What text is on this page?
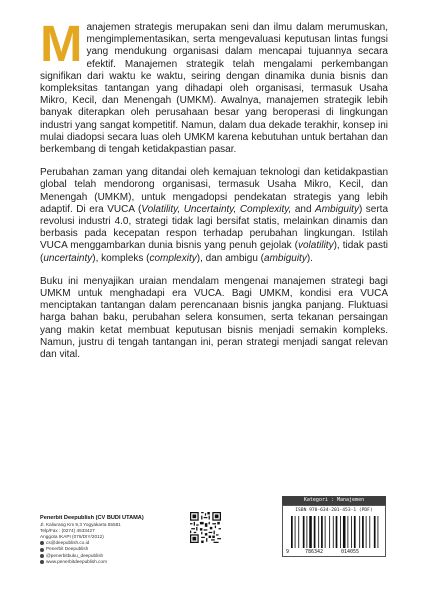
Manajemen strategis merupakan seni dan ilmu dalam merumuskan, mengimplementasikan, serta mengevaluasi keputusan lintas fungsi yang mendukung organisasi dalam mencapai tujuannya secara efektif. Manajemen strategik telah mengalami perkembangan signifikan dari waktu ke waktu, seiring dengan dinamika dunia bisnis dan kompleksitas tantangan yang dihadapi oleh organisasi, termasuk Usaha Mikro, Kecil, dan Menengah (UMKM). Awalnya, manajemen strategik lebih banyak diterapkan oleh perusahaan besar yang beroperasi di lingkungan industri yang sangat kompetitif. Namun, dalam dua dekade terakhir, konsep ini mulai diadopsi secara luas oleh UMKM karena kebutuhan untuk bertahan dan berkembang di tengah ketidakpastian pasar.

Perubahan zaman yang ditandai oleh kemajuan teknologi dan ketidakpastian global telah mendorong organisasi, termasuk Usaha Mikro, Kecil, dan Menengah (UMKM), untuk mengadopsi pendekatan strategis yang lebih adaptif. Di era VUCA (Volatility, Uncertainty, Complexity, and Ambiguity) serta revolusi industri 4.0, strategi tidak lagi bersifat statis, melainkan dinamis dan berbasis pada kecepatan respon terhadap perubahan lingkungan. Istilah VUCA menggambarkan dunia bisnis yang penuh gejolak (volatility), tidak pasti (uncertainty), kompleks (complexity), dan ambigu (ambiguity).

Buku ini menyajikan uraian mendalam mengenai manajemen strategi bagi UMKM untuk menghadapi era VUCA. Bagi UMKM, kondisi era VUCA menciptakan tantangan dalam perencanaan bisnis jangka panjang. Fluktuasi harga bahan baku, perubahan selera konsumen, serta tekanan persaingan yang makin ketat membuat keputusan bisnis menjadi semakin kompleks. Namun, justru di tengah tantangan ini, peran strategi menjadi sangat relevan dan vital.

Penerbit Deepublish (CV BUDI UTAMA)
Jl. Kaliurang Km 9,3 Yogyakarta 55581
Telp/Fax : (0274) 4533427
Anggota IKAPI (076/DIY/2012)
cs@deepublish.co.id
Penerbit Deepublish
@penerbitbuku_deepublish
www.penerbitdeepublish.com
Kategori : Manajemen
ISBN 978-634-201-453-1 (PDF)
9	786342	014055
